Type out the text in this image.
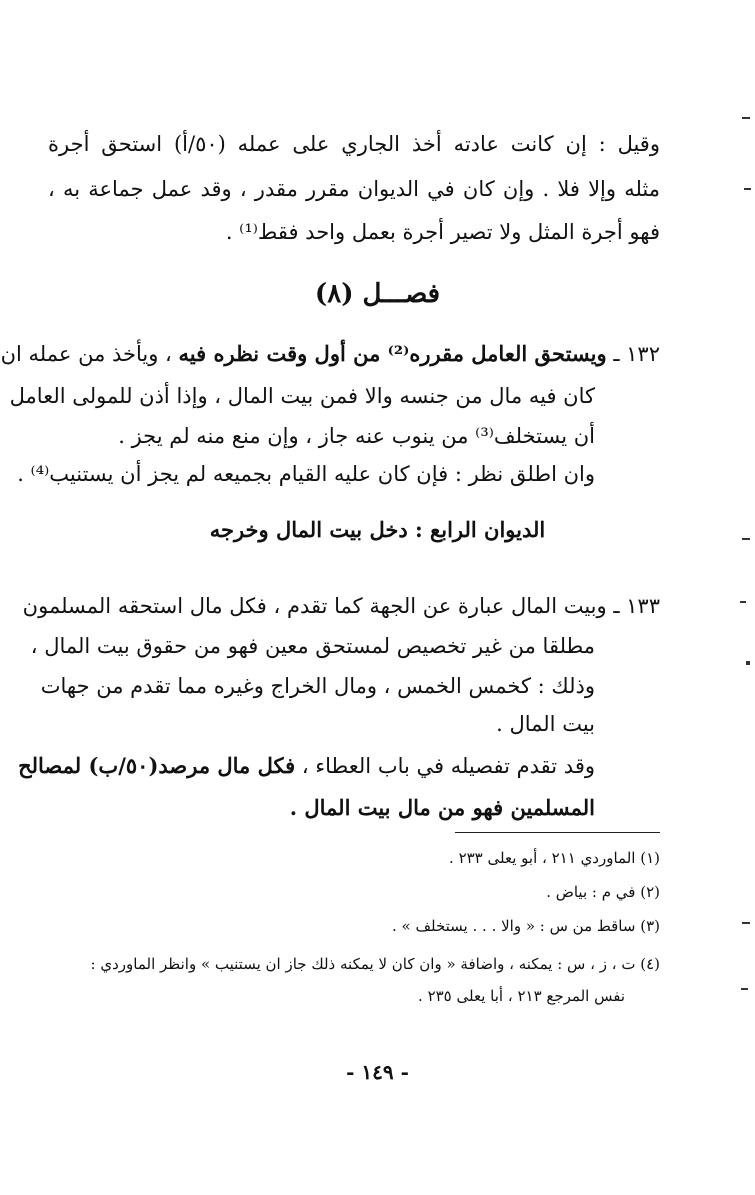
وقيل : إن كانت عادته أخذ الجاري على عمله (٥٠/أ) استحق أجرة
مثله وإلا فلا . وإن كان في الديوان مقرر مقدر ، وقد عمل جماعة به ،
فهو أجرة المثل ولا تصير أجرة بعمل واحد فقط⁽¹⁾ .
فصـــل (٨)
١٣٢ ـ ويستحق العامل مقرره⁽²⁾ من أول وقت نظره فيه ، ويأخذ من عمله ان
كان فيه مال من جنسه والا فمن بيت المال ، وإذا أذن للمولى العامل
أن يستخلف⁽³⁾ من ينوب عنه جاز ، وإن منع منه لم يجز .
وان اطلق نظر : فإن كان عليه القيام بجميعه لم يجز أن يستنيب⁽⁴⁾ .
الديوان الرابع : دخل بيت المال وخرجه
١٣٣ ـ وبيت المال عبارة عن الجهة كما تقدم ، فكل مال استحقه المسلمون
مطلقا من غير تخصيص لمستحق معين فهو من حقوق بيت المال ،
وذلك : كخمس الخمس ، ومال الخراج وغيره مما تقدم من جهات
بيت المال .
وقد تقدم تفصيله في باب العطاء ، فكل مال مرصد(٥٠/ب) لمصالح
المسلمين فهو من مال بيت المال .
(١) الماوردي ٢١١ ، أبو يعلى ٢٣٣ .
(٢) في م : بياض .
(٣) ساقط من س : « والا . . . يستخلف » .
(٤) ت ، ز ، س : يمكنه ، واضافة « وان كان لا يمكنه ذلك جاز ان يستنيب » وانظر الماوردي :
نفس المرجع ٢١٣ ، أبا يعلى ٢٣٥ .
- ١٤٩ -
